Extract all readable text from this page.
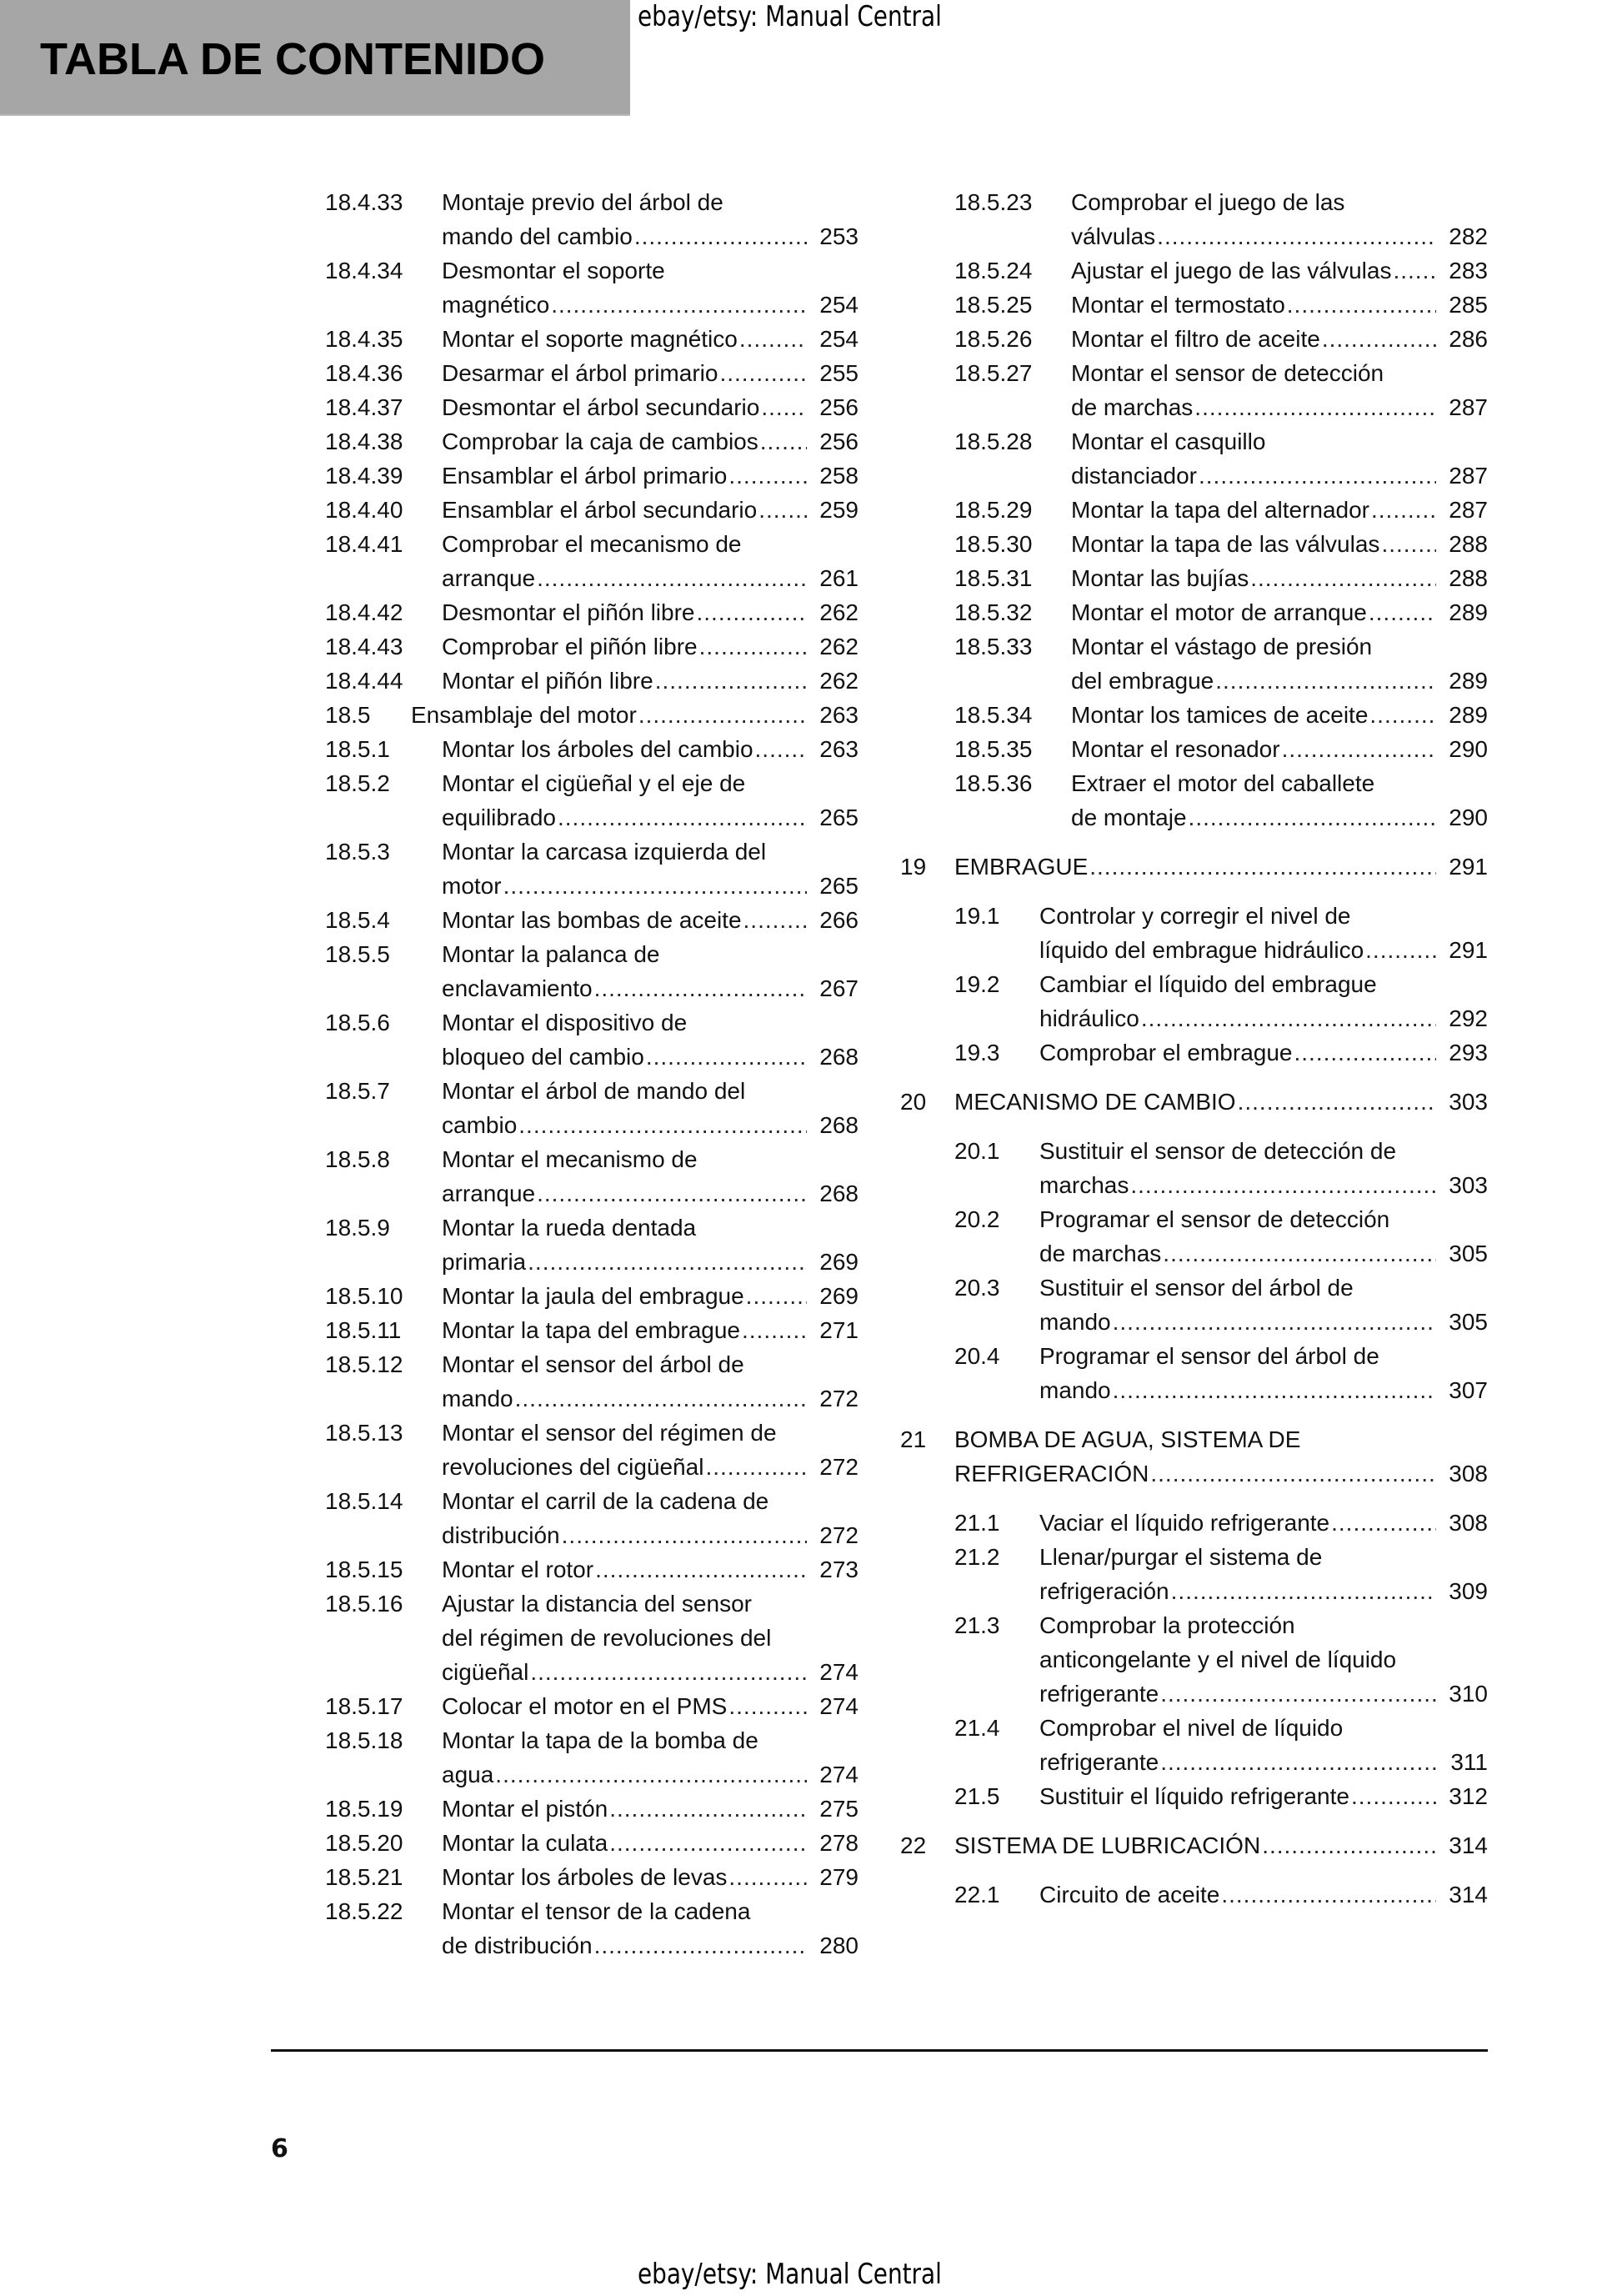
TABLA DE CONTENIDO
ebay/etsy: Manual Central
18.4.33 Montaje previo del árbol de
mando del cambio .....	253
18.4.34 Desmontar el soporte
magnético .....	254
18.4.35 Montar el soporte magnético .....	254
18.4.36 Desarmar el árbol primario .....	255
18.4.37 Desmontar el árbol secundario .....	256
18.4.38 Comprobar la caja de cambios .....	256
18.4.39 Ensamblar el árbol primario .....	258
18.4.40 Ensamblar el árbol secundario .....	259
18.4.41 Comprobar el mecanismo de
arranque .....	261
18.4.42 Desmontar el piñón libre .....	262
18.4.43 Comprobar el piñón libre .....	262
18.4.44 Montar el piñón libre .....	262
18.5 Ensamblaje del motor .....	263
18.5.1 Montar los árboles del cambio .....	263
18.5.2 Montar el cigüeñal y el eje de
equilibrado .....	265
18.5.3 Montar la carcasa izquierda del
motor .....	265
18.5.4 Montar las bombas de aceite .....	266
18.5.5 Montar la palanca de
enclavamiento .....	267
18.5.6 Montar el dispositivo de
bloqueo del cambio .....	268
18.5.7 Montar el árbol de mando del
cambio .....	268
18.5.8 Montar el mecanismo de
arranque .....	268
18.5.9 Montar la rueda dentada
primaria .....	269
18.5.10 Montar la jaula del embrague .....	269
18.5.11 Montar la tapa del embrague .....	271
18.5.12 Montar el sensor del árbol de
mando .....	272
18.5.13 Montar el sensor del régimen de
revoluciones del cigüeñal .....	272
18.5.14 Montar el carril de la cadena de
distribución .....	272
18.5.15 Montar el rotor .....	273
18.5.16 Ajustar la distancia del sensor
del régimen de revoluciones del
cigüeñal .....	274
18.5.17 Colocar el motor en el PMS .....	274
18.5.18 Montar la tapa de la bomba de
agua .....	274
18.5.19 Montar el pistón .....	275
18.5.20 Montar la culata .....	278
18.5.21 Montar los árboles de levas .....	279
18.5.22 Montar el tensor de la cadena
de distribución .....	280
18.5.23 Comprobar el juego de las
válvulas .....	282
18.5.24 Ajustar el juego de las válvulas .....	283
18.5.25 Montar el termostato .....	285
18.5.26 Montar el filtro de aceite .....	286
18.5.27 Montar el sensor de detección
de marchas .....	287
18.5.28 Montar el casquillo
distanciador .....	287
18.5.29 Montar la tapa del alternador .....	287
18.5.30 Montar la tapa de las válvulas .....	288
18.5.31 Montar las bujías .....	288
18.5.32 Montar el motor de arranque .....	289
18.5.33 Montar el vástago de presión
del embrague .....	289
18.5.34 Montar los tamices de aceite .....	289
18.5.35 Montar el resonador .....	290
18.5.36 Extraer el motor del caballete
de montaje .....	290
19 EMBRAGUE .....	291
19.1 Controlar y corregir el nivel de
líquido del embrague hidráulico .....	291
19.2 Cambiar el líquido del embrague
hidráulico .....	292
19.3 Comprobar el embrague .....	293
20 MECANISMO DE CAMBIO .....	303
20.1 Sustituir el sensor de detección de
marchas .....	303
20.2 Programar el sensor de detección
de marchas .....	305
20.3 Sustituir el sensor del árbol de
mando .....	305
20.4 Programar el sensor del árbol de
mando .....	307
21 BOMBA DE AGUA, SISTEMA DE
REFRIGERACIÓN .....	308
21.1 Vaciar el líquido refrigerante .....	308
21.2 Llenar/purgar el sistema de
refrigeración .....	309
21.3 Comprobar la protección
anticongelante y el nivel de líquido
refrigerante .....	310
21.4 Comprobar el nivel de líquido
refrigerante .....	311
21.5 Sustituir el líquido refrigerante .....	312
22 SISTEMA DE LUBRICACIÓN .....	314
22.1 Circuito de aceite .....	314
6
ebay/etsy: Manual Central
